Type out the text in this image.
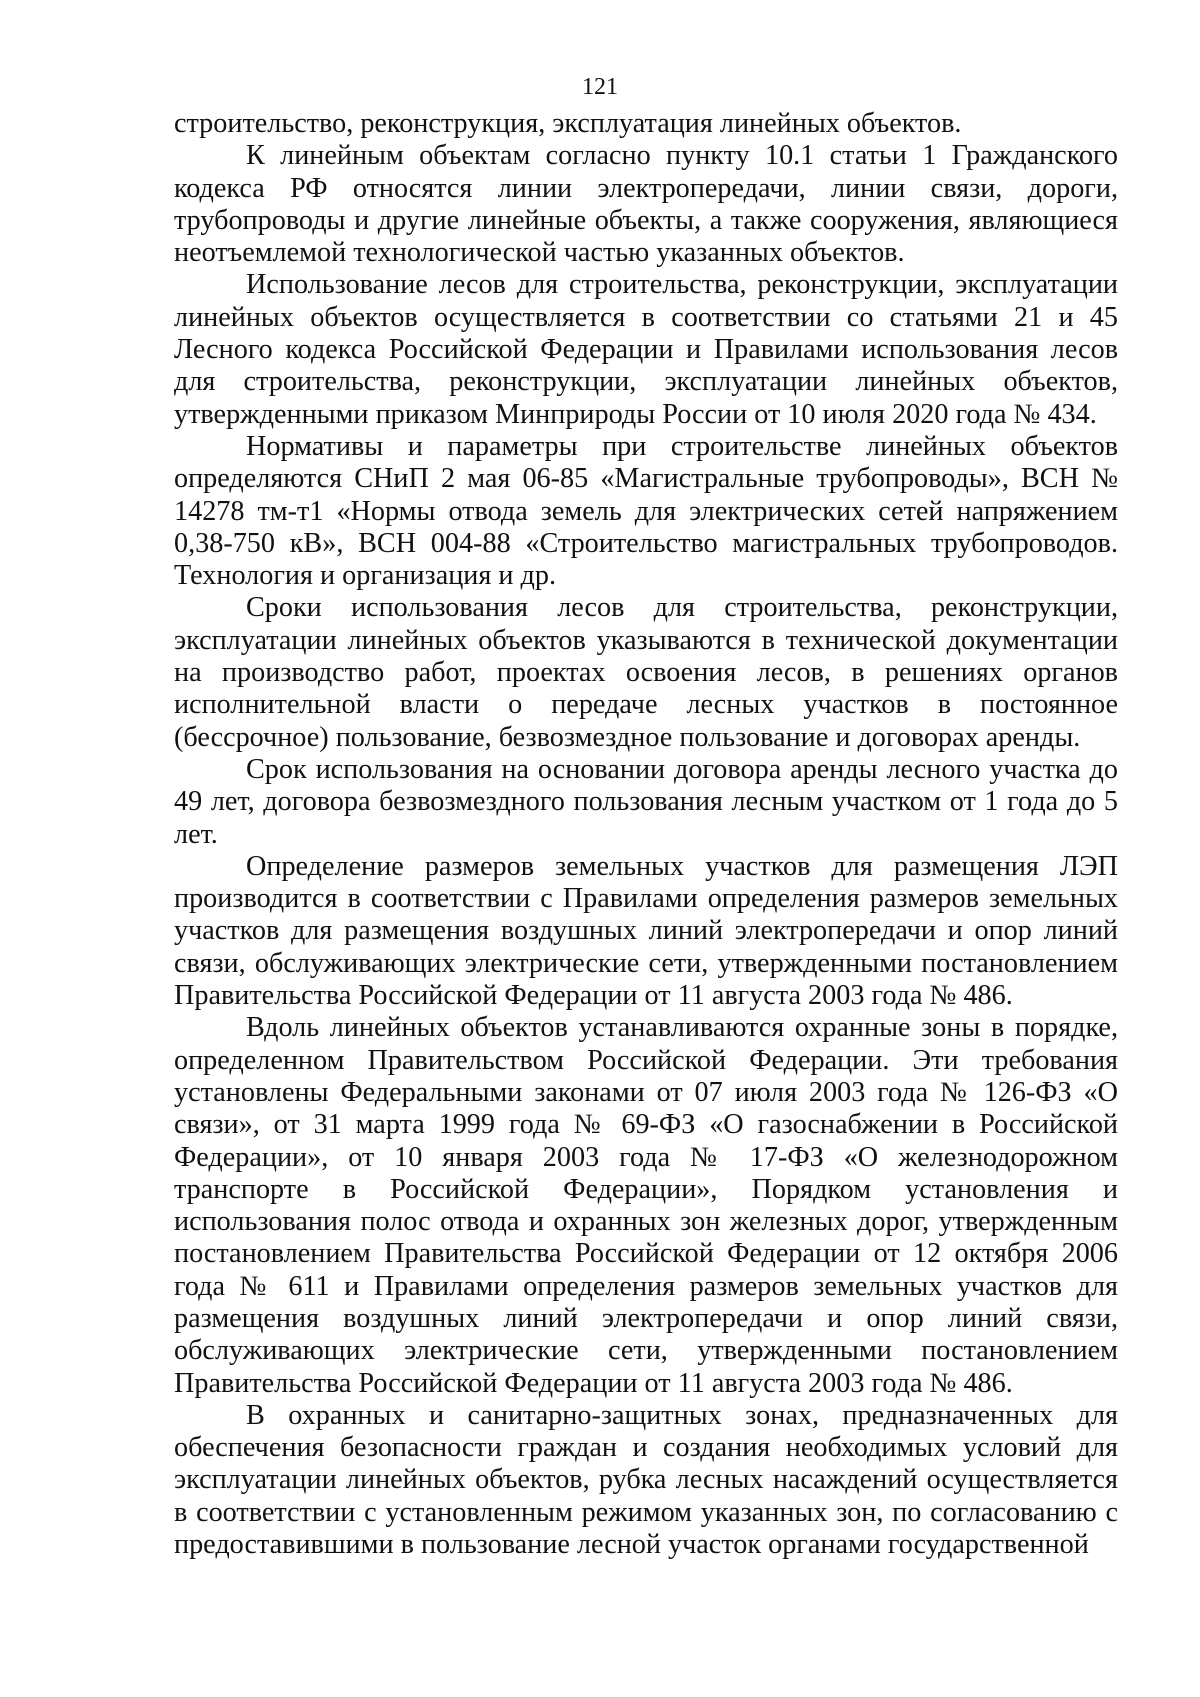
121

строительство, реконструкция, эксплуатация линейных объектов.

К линейным объектам согласно пункту 10.1 статьи 1 Гражданского кодекса РФ относятся линии электропередачи, линии связи, дороги, трубопроводы и другие линейные объекты, а также сооружения, являющиеся неотъемлемой технологической частью указанных объектов.

Использование лесов для строительства, реконструкции, эксплуатации линейных объектов осуществляется в соответствии со статьями 21 и 45 Лесного кодекса Российской Федерации и Правилами использования лесов для строительства, реконструкции, эксплуатации линейных объектов, утвержденными приказом Минприроды России от 10 июля 2020 года № 434.

Нормативы и параметры при строительстве линейных объектов определяются СНиП 2 мая 06-85 «Магистральные трубопроводы», ВСН № 14278 тм-т1 «Нормы отвода земель для электрических сетей напряжением 0,38-750 кВ», ВСН 004-88 «Строительство магистральных трубопроводов. Технология и организация и др.

Сроки использования лесов для строительства, реконструкции, эксплуатации линейных объектов указываются в технической документации на производство работ, проектах освоения лесов, в решениях органов исполнительной власти о передаче лесных участков в постоянное (бессрочное) пользование, безвозмездное пользование и договорах аренды.

Срок использования на основании договора аренды лесного участка до 49 лет, договора безвозмездного пользования лесным участком от 1 года до 5 лет.

Определение размеров земельных участков для размещения ЛЭП производится в соответствии с Правилами определения размеров земельных участков для размещения воздушных линий электропередачи и опор линий связи, обслуживающих электрические сети, утвержденными постановлением Правительства Российской Федерации от 11 августа 2003 года № 486.

Вдоль линейных объектов устанавливаются охранные зоны в порядке, определенном Правительством Российской Федерации. Эти требования установлены Федеральными законами от 07 июля 2003 года № 126-ФЗ «О связи», от 31 марта 1999 года № 69-ФЗ «О газоснабжении в Российской Федерации», от 10 января 2003 года № 17-ФЗ «О железнодорожном транспорте в Российской Федерации», Порядком установления и использования полос отвода и охранных зон железных дорог, утвержденным постановлением Правительства Российской Федерации от 12 октября 2006 года № 611 и Правилами определения размеров земельных участков для размещения воздушных линий электропередачи и опор линий связи, обслуживающих электрические сети, утвержденными постановлением Правительства Российской Федерации от 11 августа 2003 года № 486.

В охранных и санитарно-защитных зонах, предназначенных для обеспечения безопасности граждан и создания необходимых условий для эксплуатации линейных объектов, рубка лесных насаждений осуществляется в соответствии с установленным режимом указанных зон, по согласованию с предоставившими в пользование лесной участок органами государственной
